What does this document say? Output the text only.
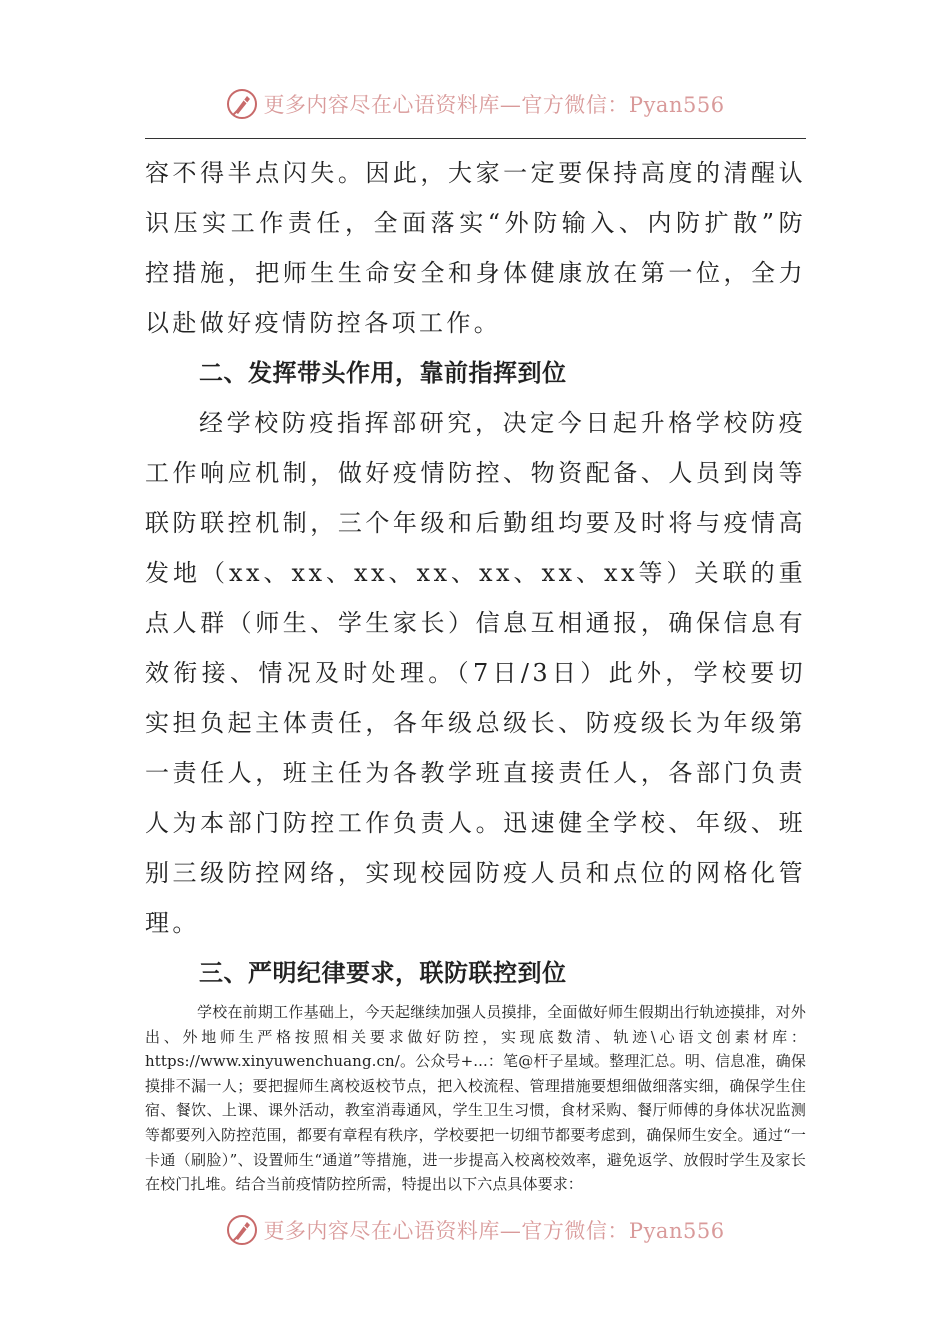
更多内容尽在心语资料库—官方微信：Pyan556

容不得半点闪失。因此，大家一定要保持高度的清醒认识压实工作责任，全面落实“外防输入、内防扩散”防控措施，把师生生命安全和身体健康放在第一位，全力以赴做好疫情防控各项工作。

二、发挥带头作用，靠前指挥到位

经学校防疫指挥部研究，决定今日起升格学校防疫工作响应机制，做好疫情防控、物资配备、人员到岗等联防联控机制，三个年级和后勤组均要及时将与疫情高发地（xx、xx、xx、xx、xx、xx、xx等）关联的重点人群（师生、学生家长）信息互相通报，确保信息有效衔接、情况及时处理。（7日/3日）此外，学校要切实担负起主体责任，各年级总级长、防疫级长为年级第一责任人，班主任为各教学班直接责任人，各部门负责人为本部门防控工作负责人。迅速健全学校、年级、班别三级防控网络，实现校园防疫人员和点位的网格化管理。

三、严明纪律要求，联防联控到位

学校在前期工作基础上，今天起继续加强人员摸排，全面做好师生假期出行轨迹摸排，对外出、外地师生严格按照相关要求做好防控，实现底数清、轨迹\心语文创素材库：https://www.xinyuwenchuang.cn/。公众号+...：笔@杆子星域。整理汇总。明、信息准，确保摸排不漏一人；要把握师生离校返校节点，把入校流程、管理措施要想细做细落实细，确保学生住宿、餐饮、上课、课外活动，教室消毒通风，学生卫生习惯，食材采购、餐厅师傅的身体状况监测等都要列入防控范围，都要有章程有秩序，学校要把一切细节都要考虑到，确保师生安全。通过“一卡通（刷脸）”、设置师生“通道”等措施，进一步提高入校离校效率，避免返学、放假时学生及家长在校门扎堆。结合当前疫情防控所需，特提出以下六点具体要求：

更多内容尽在心语资料库—官方微信：Pyan556
